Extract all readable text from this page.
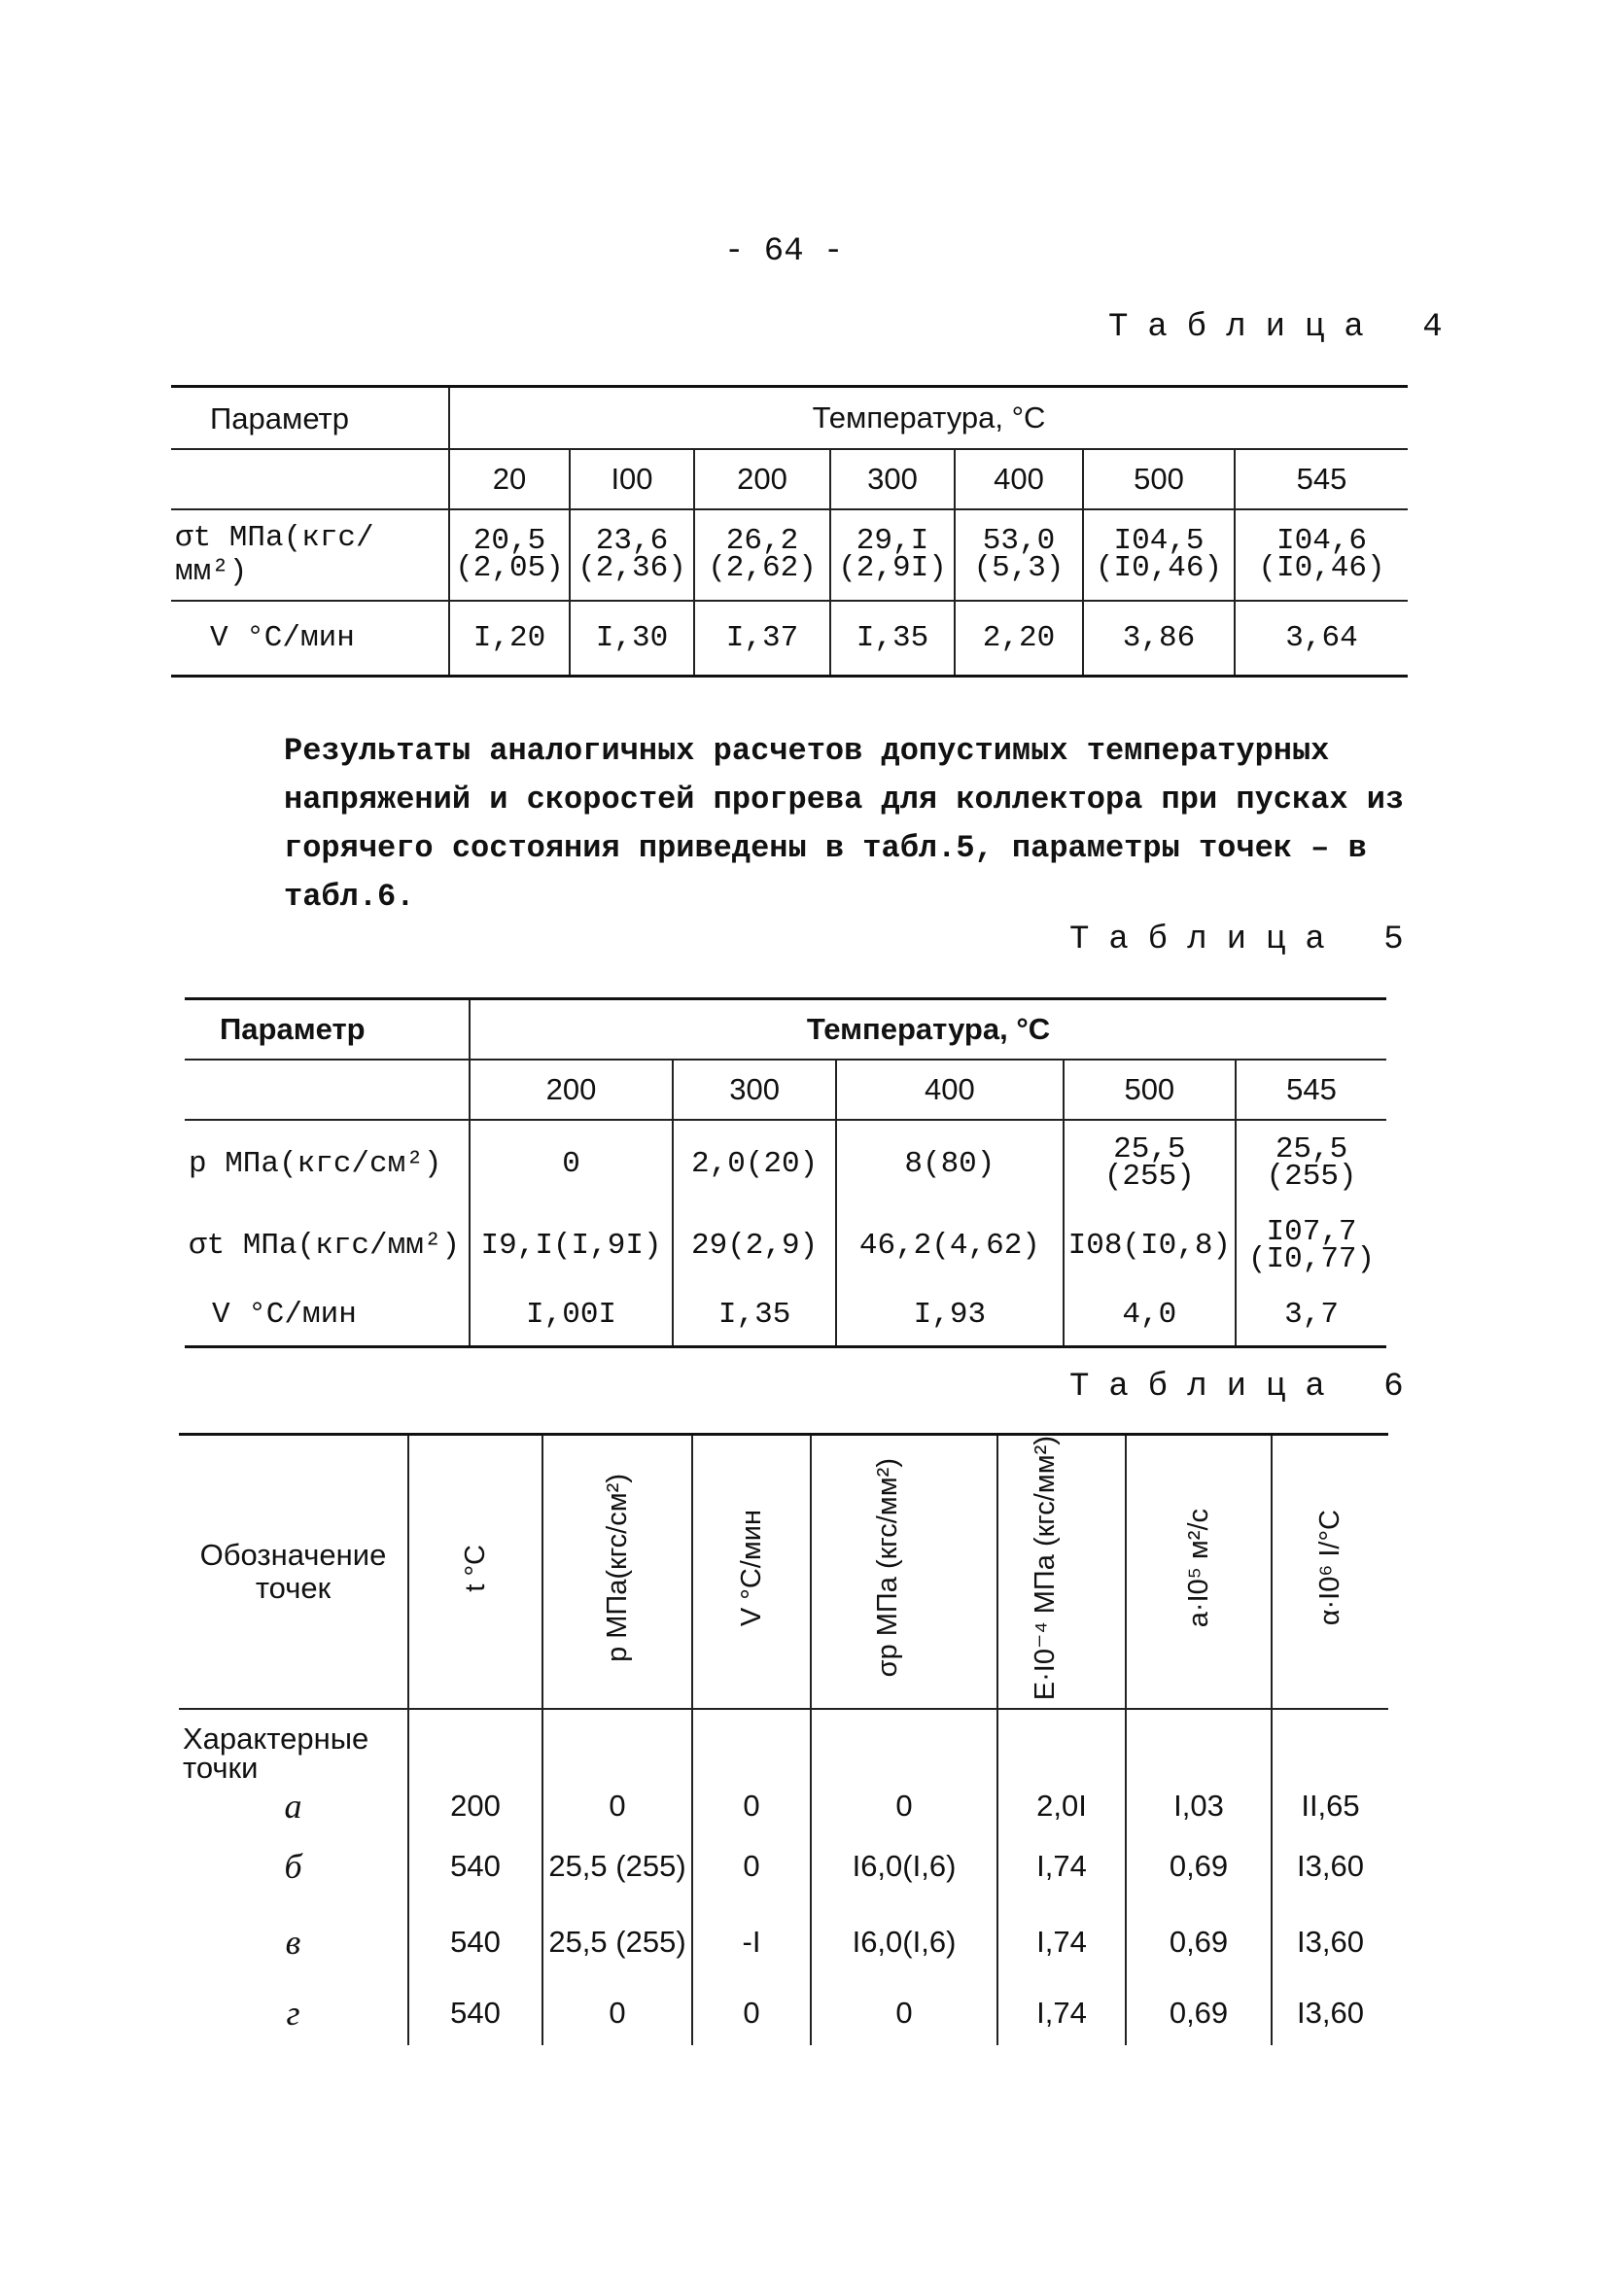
- 64 -
Таблица 4
Параметр	Температура, °С						
	20	I00	200	300	400	500	545
σt МПа(кгс/мм²)	20,5 (2,05)	23,6 (2,36)	26,2 (2,62)	29,I (2,9I)	53,0 (5,3)	I04,5 (I0,46)	I04,6 (I0,46)
V °С/мин	I,20	I,30	I,37	I,35	2,20	3,86	3,64
Результаты аналогичных расчетов допустимых температурных напряжений и скоростей прогрева для коллектора при пусках из горячего состояния приведены в табл.5, параметры точек – в табл.6.
Таблица 5
Параметр	Температура, °С				
	200	300	400	500	545
p МПа(кгс/см²)	0	2,0(20)	8(80)	25,5 (255)	25,5 (255)
σt МПа(кгс/мм²)	I9,I(I,9I)	29(2,9)	46,2(4,62)	I08(I0,8)	I07,7 (I0,77)
V °С/мин	I,00I	I,35	I,93	4,0	3,7
Таблица 6
Обозначение точек	t °С	p МПа(кгс/см²)	V °С/мин	σp МПа (кгс/мм²)	E·I0⁻⁴ МПа (кгс/мм²)	a·I0⁵ м²/с	α·I0⁶ I/°С
Характерные точки							
а	200	0	0	0	2,0I	I,03	II,65
б	540	25,5 (255)	0	I6,0(I,6)	I,74	0,69	I3,60
в	540	25,5 (255)	-I	I6,0(I,6)	I,74	0,69	I3,60
г	540	0	0	0	I,74	0,69	I3,60
